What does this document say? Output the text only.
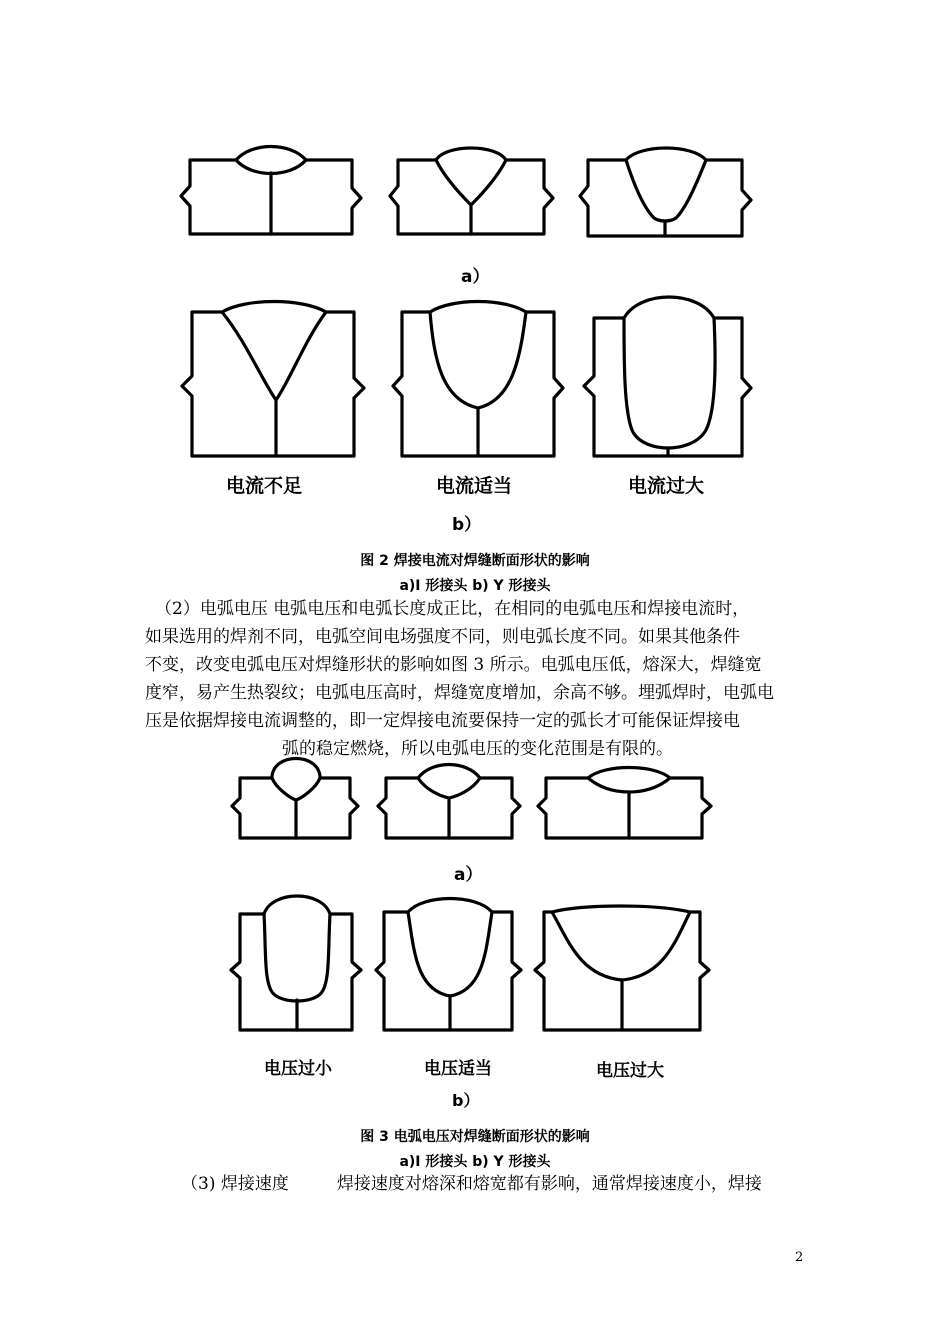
a）
电流不足	电流适当	电流过大
b）
图 2 焊接电流对焊缝断面形状的影响
a)I 形接头 b) Y 形接头
（2）电弧电压 电弧电压和电弧长度成正比，在相同的电弧电压和焊接电流时，
如果选用的焊剂不同，电弧空间电场强度不同，则电弧长度不同。如果其他条件
不变，改变电弧电压对焊缝形状的影响如图 3 所示。电弧电压低，熔深大，焊缝宽
度窄，易产生热裂纹；电弧电压高时，焊缝宽度增加，余高不够。埋弧焊时，电弧电
压是依据焊接电流调整的，即一定焊接电流要保持一定的弧长才可能保证焊接电
弧的稳定燃烧，所以电弧电压的变化范围是有限的。
a）
电压过小	电压适当	电压过大
b）
图 3 电弧电压对焊缝断面形状的影响
a)I 形接头 b) Y 形接头
（3) 焊接速度	焊接速度对熔深和熔宽都有影响，通常焊接速度小，焊接
2
